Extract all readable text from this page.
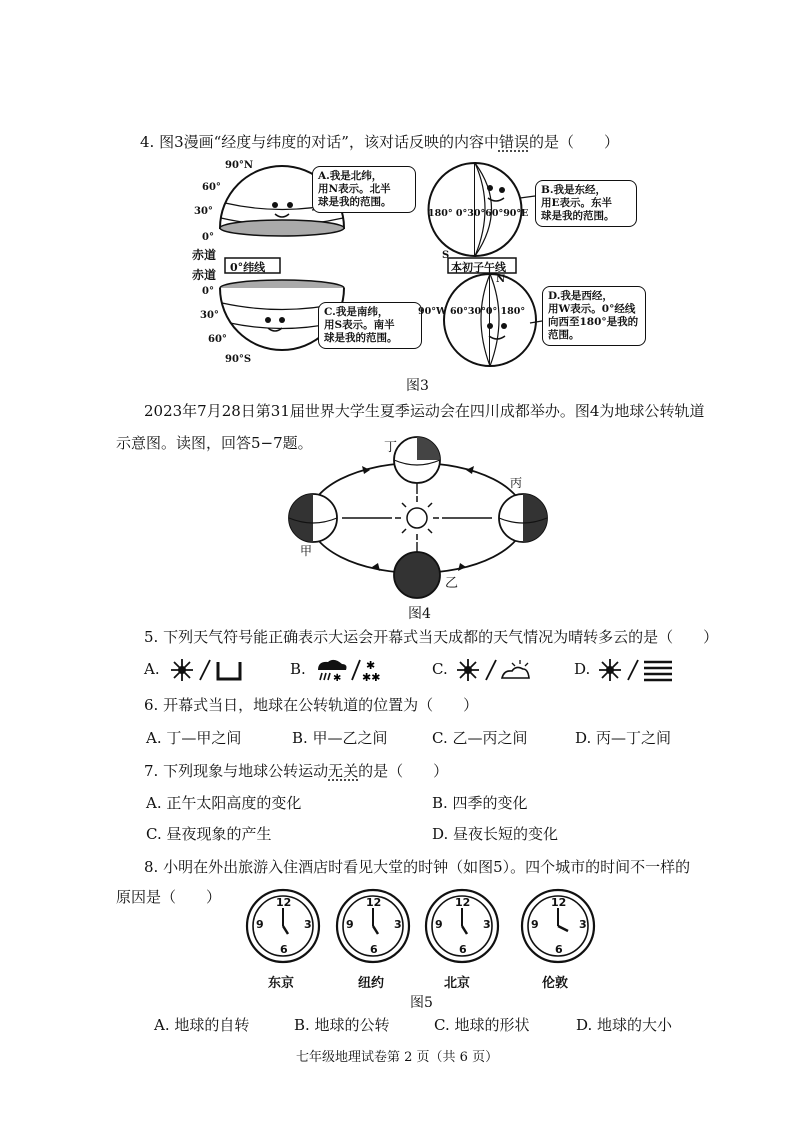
4. 图3漫画“经度与纬度的对话”，该对话反映的内容中错误的是（　　）
90°N
60°
30°
0°
赤道
赤道
0°纬线
0°
30°
60°
90°S
A.我是北纬，
用N表示。北半
球是我的范围。
C.我是南纬，
用S表示。南半
球是我的范围。
180° 0°30°60°90°E
S
本初子午线
B.我是东经，
用E表示。东半
球是我的范围。
N
90°W 60°30°0° 180°
D.我是西经，
用W表示。0°经线
向西至180°是我的
范围。
图3
2023年7月28日第31届世界大学生夏季运动会在四川成都举办。图4为地球公转轨道
示意图。读图，回答5−7题。	丁
丙
乙
甲
图4
5. 下列天气符号能正确表示大运会开幕式当天成都的天气情况为晴转多云的是（　　）
A.	B.
✱
✱
✱✱	C.	D.
6. 开幕式当日，地球在公转轨道的位置为（　　）
A. 丁—甲之间	B. 甲—乙之间	C. 乙—丙之间	D. 丙—丁之间
7. 下列现象与地球公转运动无关的是（　　）
A. 正午太阳高度的变化	B. 四季的变化
C. 昼夜现象的产生	D. 昼夜长短的变化
8. 小明在外出旅游入住酒店时看见大堂的时钟（如图5）。四个城市的时间不一样的
原因是（　　）	12
3
6
9
12
3
6
9
12
3
6
9
12
3
6
9
东京	纽约	北京	伦敦
图5
A. 地球的自转	B. 地球的公转	C. 地球的形状	D. 地球的大小
七年级地理试卷第 2 页（共 6 页）
